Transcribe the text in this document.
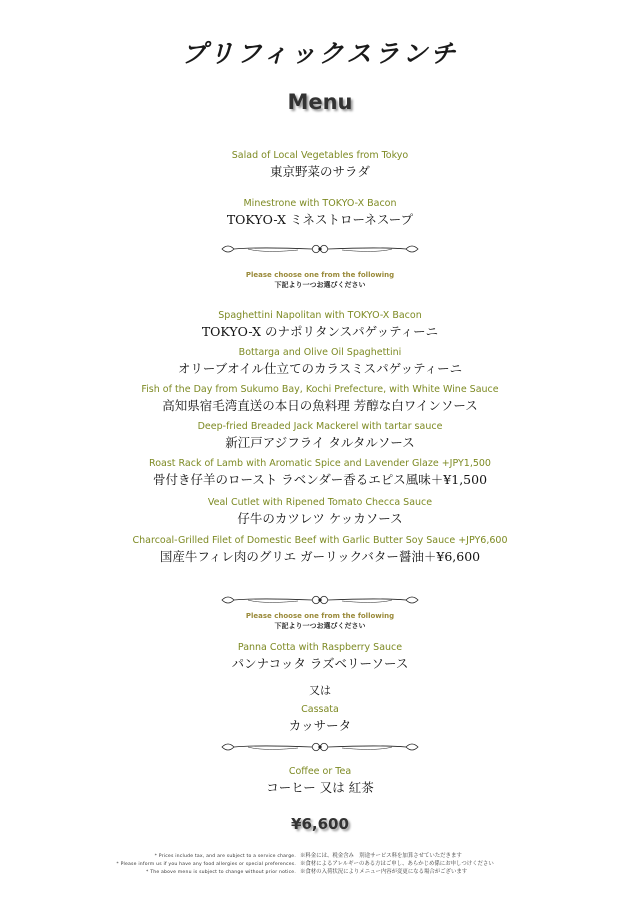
プリフィックスランチ
Menu
Salad of Local Vegetables from Tokyo
東京野菜のサラダ
Minestrone with TOKYO-X Bacon
TOKYO-X ミネストローネスープ
Please choose one from the following
下記より一つお選びください
Spaghettini Napolitan with TOKYO-X Bacon
TOKYO-X のナポリタンスパゲッティーニ
Bottarga and Olive Oil Spaghettini
オリーブオイル仕立てのカラスミスパゲッティーニ
Fish of the Day from Sukumo Bay, Kochi Prefecture, with White Wine Sauce
高知県宿毛湾直送の本日の魚料理 芳醇な白ワインソース
Deep-fried Breaded Jack Mackerel with tartar sauce
新江戸アジフライ タルタルソース
Roast Rack of Lamb with Aromatic Spice and Lavender Glaze +JPY1,500
骨付き仔羊のロースト ラベンダー香るエピス風味＋¥1,500
Veal Cutlet with Ripened Tomato Checca Sauce
仔牛のカツレツ ケッカソース
Charcoal-Grilled Filet of Domestic Beef with Garlic Butter Soy Sauce +JPY6,600
国産牛フィレ肉のグリエ ガーリックバター醤油＋¥6,600
Please choose one from the following
下記より一つお選びください
Panna Cotta with Raspberry Sauce
パンナコッタ ラズベリーソース
又は
Cassata
カッサータ
Coffee or Tea
コーヒー 又は 紅茶
¥6,600
* Prices include tax, and are subject to a service charge.
* Please inform us if you have any food allergies or special preferences.
* The above menu is subject to change without prior notice.
※料金には、税金含み　別途サービス料を加算させていただきます
※食材によるアレルギーのある方はご申し、あらかじめ係にお申しつけください
※食材の入荷状況によりメニュー内容が変更になる場合がございます
